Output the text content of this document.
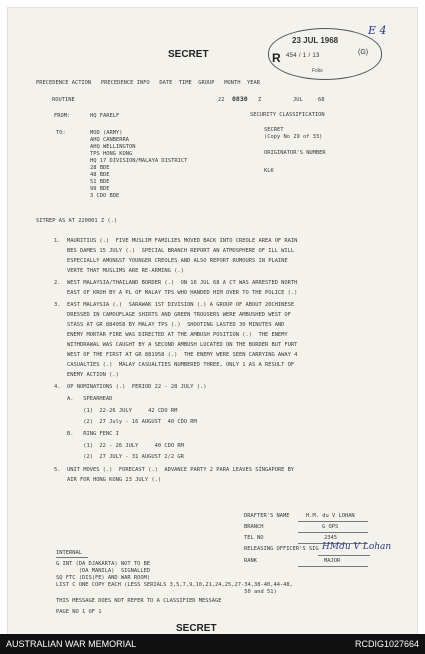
SECRET
E 4
23 JUL 1968
R 454 / 1 / 13	(G)
Folio
PRECEDENCE ACTION   PRECEDENCE INFO   DATE  TIME  GROUP   MONTH  YEAR
ROUTINE	22 0830 Z	JUL	68
FROM:	HQ FARELF
TO:	MOD (ARMY)
AHQ CANBERRA
AHQ WELLINGTON
TPS HONG KONG
HQ 17 DIVISION/MALAYA DISTRICT
28 BDE
48 BDE
51 BDE
99 BDE
3 CDO BDE
SECURITY CLASSIFICATION
SECRET
(Copy No 29 of 33)
ORIGINATOR'S NUMBER
KLK
SITREP AS AT 220001 Z (.)
1.  MAURITIUS (.)  FIVE MUSLIM FAMILIES MOVED BACK INTO CREOLE AREA OF RAIN
BES DAMES 15 JULY (.)  SPECIAL BRANCH REPORT AN ATMOSPHERE OF ILL WILL
ESPECIALLY AMONGST YOUNGER CREOLES AND ALSO REPORT RUMOURS IN PLAINE
VERTE THAT MUSLIMS ARE RE-ARMING (.)
2.  WEST MALAYSIA/THAILAND BORDER (.)  ON 16 JUL 68 A CT WAS ARRESTED NORTH
EAST OF KROH BY A PL OF MALAY TPS WHO HANDED HIM OVER TO THE POLICE (.)
3.  EAST MALAYSIA (.)  SARAWAK 1ST DIVISION (.) A GROUP OF ABOUT 20CHINESE
DRESSED IN CAMOUFLAGE SHIRTS AND GREEN TROUSERS WERE AMBUSHED WEST OF
STASS AT GR 884958 BY MALAY TPS (.)  SHOOTING LASTED 30 MINUTES AND
ENEMY MORTAR FIRE WAS DIRECTED AT THE AMBUSH POSITION (.)  THE ENEMY
WITHDRAWAL WAS CAUGHT BY A SECOND AMBUSH LOCATED ON THE BORDER BUT FURT
WEST OF THE FIRST AT GR 881958 (.)  THE ENEMY WERE SEEN CARRYING AWAY 4
CASUALTIES (.)  MALAY CASUALTIES NUMBERED THREE, ONLY 1 AS A RESULT OF
ENEMY ACTION (.)
4.  OP NOMINATIONS (.)  PERIOD 22 - 28 JULY (.)
A.   SPEARHEAD
(1)  22-26 JULY     42 CDO RM
(2)  27 July - 16 AUGUST  40 CDO RM
B.   RING FENC I
(1)  22 - 26 JULY     40 CDO RM
(2)  27 JULY - 31 AUGUST 2/2 GR
5.  UNIT MOVES (.)  FORECAST (.)  ADVANCE PARTY 2 PARA LEAVES SINGAPORE BY
AIR FOR HONG KONG 23 JULY (.)
DRAFTER'S NAME	H.M. du V LOHAN
BRANCH	G OPS
TEL NO	2345
RELEASING OFFICER'S SIG HMdu V Lohan
RANK	MAJOR
INTERNAL
G INT (DA DJAKARTA) NOT TO BE
(DA MANILA)  SIGNALLED
SQ FTC (DIS(FE) AND WAR ROOM)
LIST C ONE COPY EACH (LESS SERIALS 3,5,7,9,10,21,24,25,27-34,38-40,44-48,
50 and 51)
THIS MESSAGE DOES NOT REFER TO A CLASSIFIED MESSAGE
PAGE NO 1 OF 1
SECRET
AUSTRALIAN WAR MEMORIAL	RCDIG1027664
